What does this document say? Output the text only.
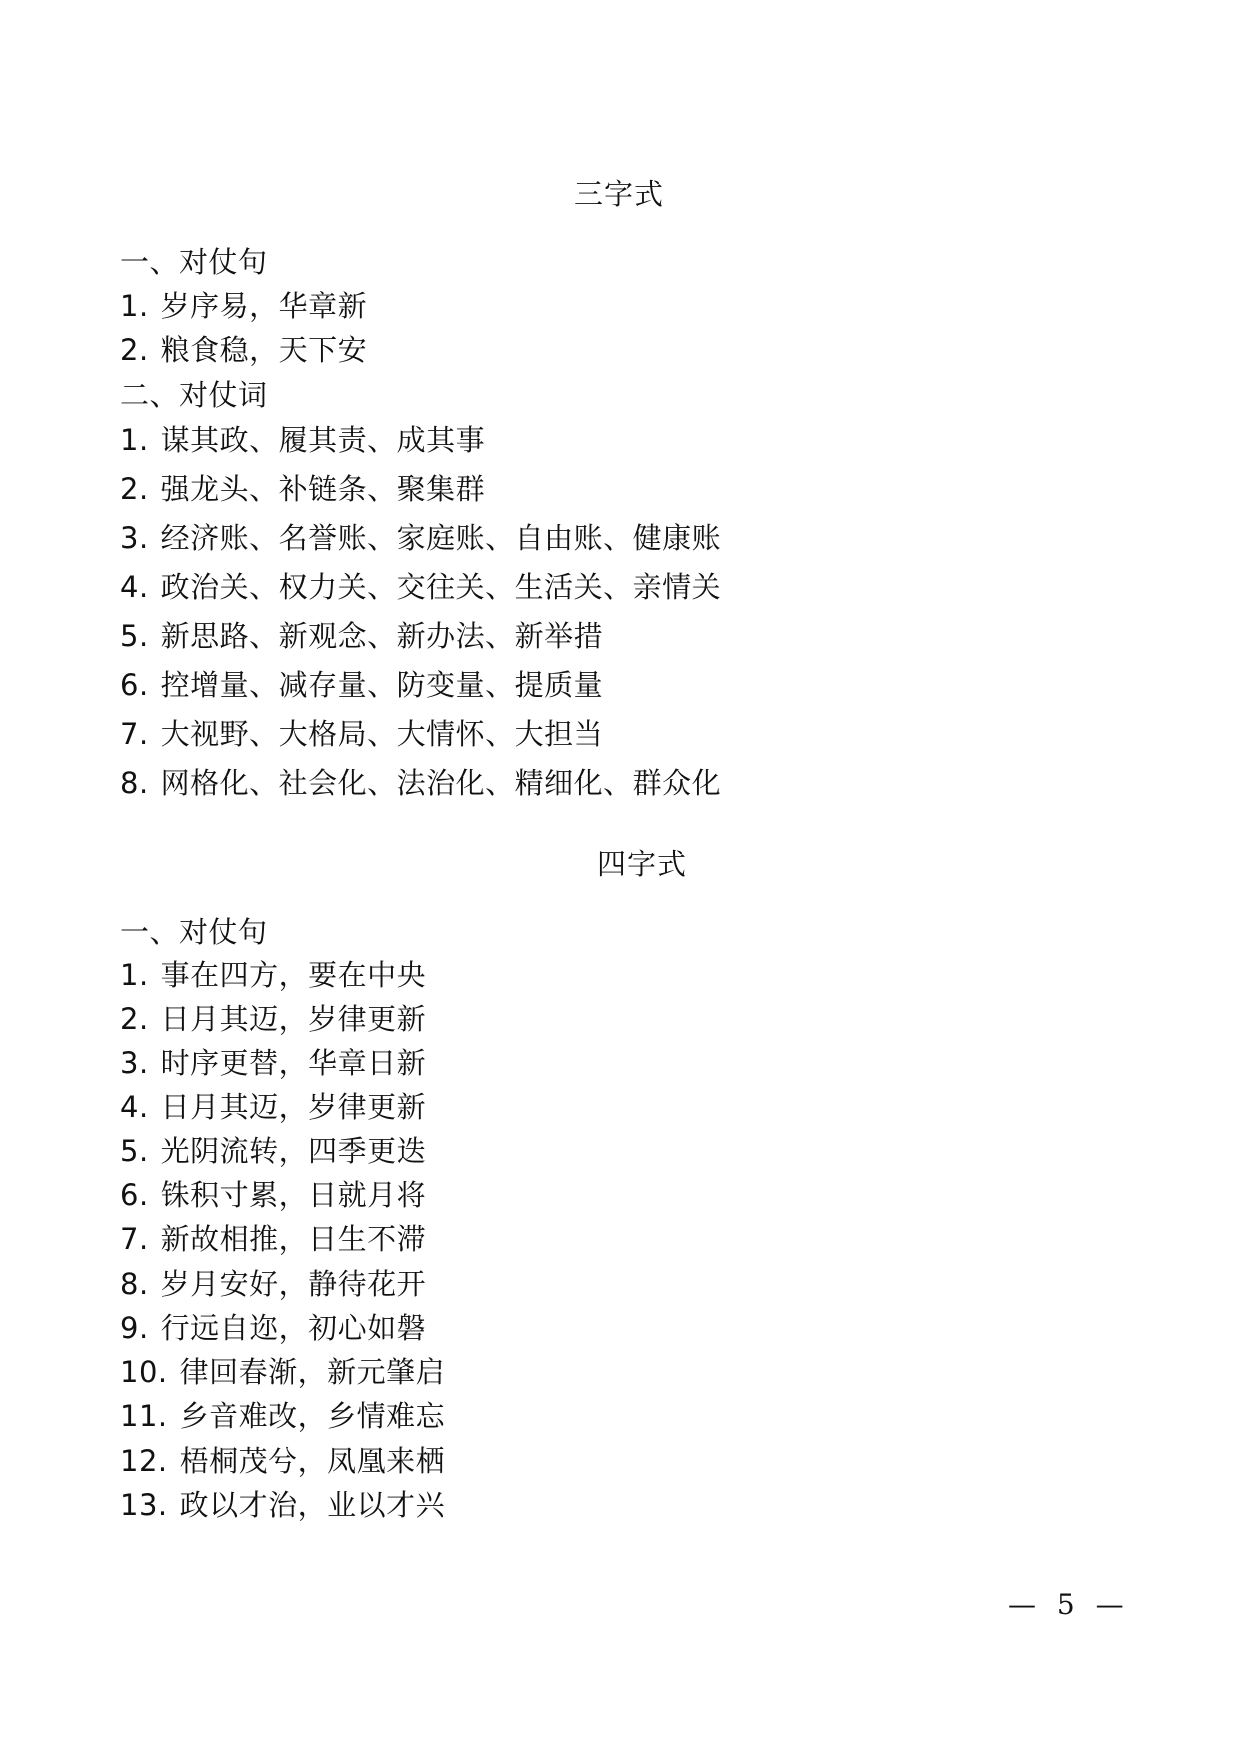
三字式
一、对仗句
1. 岁序易，华章新
2. 粮食稳，天下安
二、对仗词
1. 谋其政、履其责、成其事
2. 强龙头、补链条、聚集群
3. 经济账、名誉账、家庭账、自由账、健康账
4. 政治关、权力关、交往关、生活关、亲情关
5. 新思路、新观念、新办法、新举措
6. 控增量、减存量、防变量、提质量
7. 大视野、大格局、大情怀、大担当
8. 网格化、社会化、法治化、精细化、群众化
四字式
一、对仗句
1. 事在四方，要在中央
2. 日月其迈，岁律更新
3. 时序更替，华章日新
4. 日月其迈，岁律更新
5. 光阴流转，四季更迭
6. 铢积寸累，日就月将
7. 新故相推，日生不滞
8. 岁月安好，静待花开
9. 行远自迩，初心如磐
10. 律回春渐，新元肇启
11. 乡音难改，乡情难忘
12. 梧桐茂兮，凤凰来栖
13. 政以才治，业以才兴
— 5 —
